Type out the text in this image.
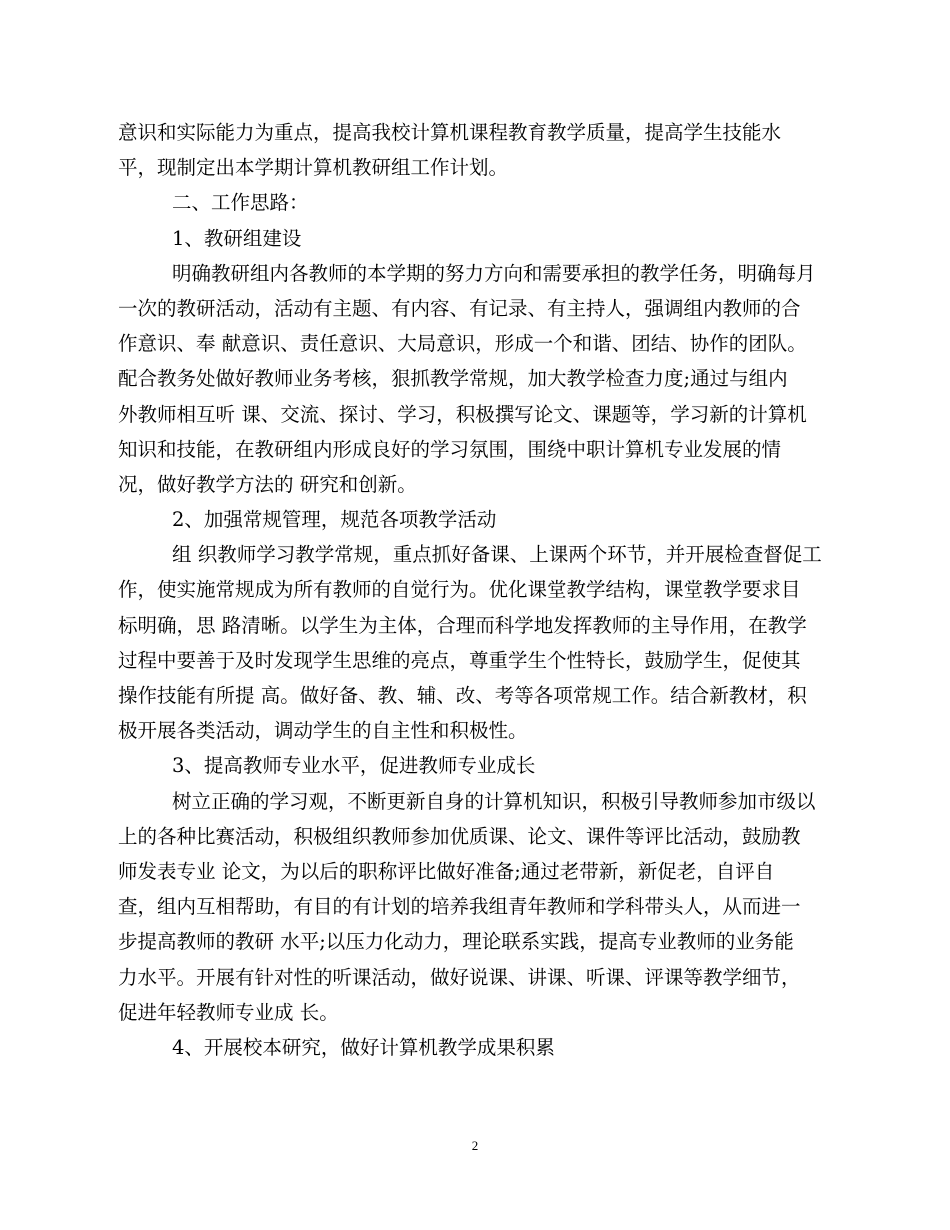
意识和实际能力为重点，提高我校计算机课程教育教学质量，提高学生技能水
平，现制定出本学期计算机教研组工作计划。
二、工作思路：
1、教研组建设
明确教研组内各教师的本学期的努力方向和需要承担的教学任务，明确每月
一次的教研活动，活动有主题、有内容、有记录、有主持人，强调组内教师的合
作意识、奉 献意识、责任意识、大局意识，形成一个和谐、团结、协作的团队。
配合教务处做好教师业务考核，狠抓教学常规，加大教学检查力度;通过与组内
外教师相互听 课、交流、探讨、学习，积极撰写论文、课题等，学习新的计算机
知识和技能，在教研组内形成良好的学习氛围，围绕中职计算机专业发展的情
况，做好教学方法的 研究和创新。
2、加强常规管理，规范各项教学活动
组 织教师学习教学常规，重点抓好备课、上课两个环节，并开展检查督促工
作，使实施常规成为所有教师的自觉行为。优化课堂教学结构，课堂教学要求目
标明确，思 路清晰。以学生为主体，合理而科学地发挥教师的主导作用，在教学
过程中要善于及时发现学生思维的亮点，尊重学生个性特长，鼓励学生，促使其
操作技能有所提 高。做好备、教、辅、改、考等各项常规工作。结合新教材，积
极开展各类活动，调动学生的自主性和积极性。
3、提高教师专业水平，促进教师专业成长
树立正确的学习观，不断更新自身的计算机知识，积极引导教师参加市级以
上的各种比赛活动，积极组织教师参加优质课、论文、课件等评比活动，鼓励教
师发表专业 论文，为以后的职称评比做好准备;通过老带新，新促老，自评自
查，组内互相帮助，有目的有计划的培养我组青年教师和学科带头人，从而进一
步提高教师的教研 水平;以压力化动力，理论联系实践，提高专业教师的业务能
力水平。开展有针对性的听课活动，做好说课、讲课、听课、评课等教学细节，
促进年轻教师专业成 长。
4、开展校本研究，做好计算机教学成果积累
2
